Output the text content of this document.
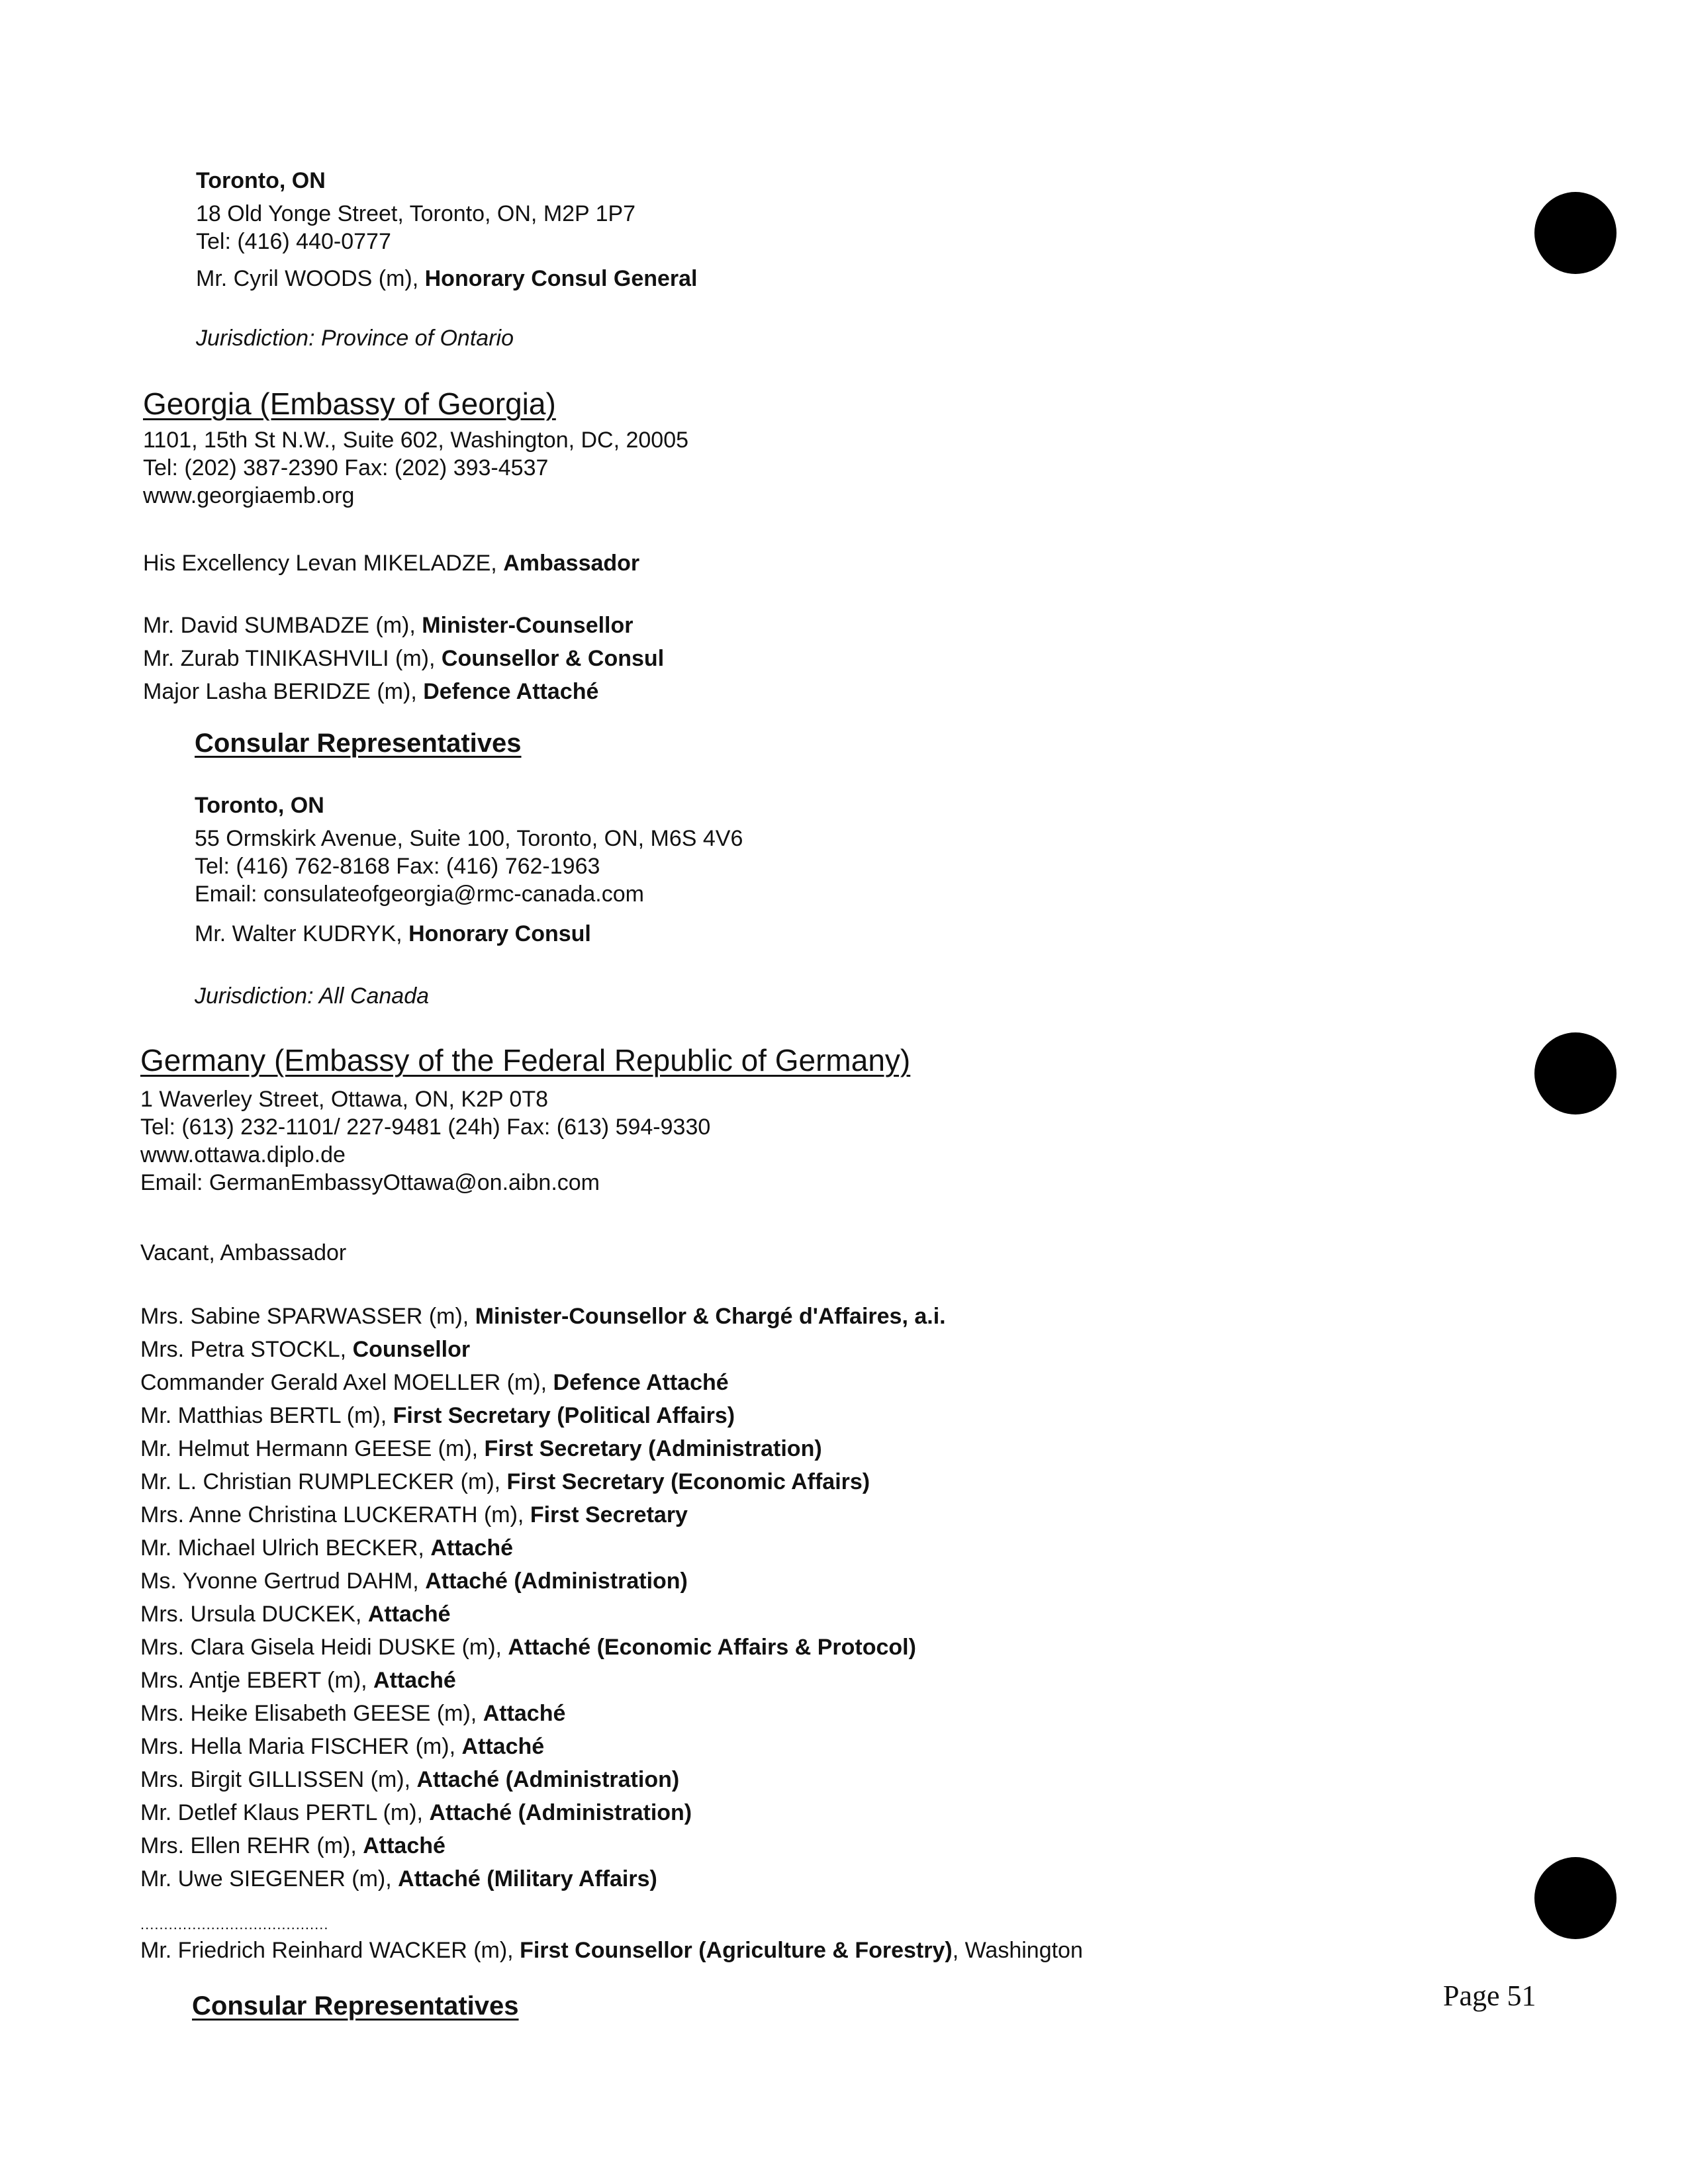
Toronto, ON
18 Old Yonge Street, Toronto, ON, M2P 1P7
Tel: (416) 440-0777
Mr. Cyril WOODS (m), Honorary Consul General
Jurisdiction: Province of Ontario
Georgia (Embassy of Georgia)
1101, 15th St N.W., Suite 602, Washington, DC, 20005
Tel: (202) 387-2390 Fax: (202) 393-4537
www.georgiaemb.org
His Excellency Levan MIKELADZE, Ambassador
Mr. David SUMBADZE (m), Minister-Counsellor
Mr. Zurab TINIKASHVILI (m), Counsellor & Consul
Major Lasha BERIDZE (m), Defence Attaché
Consular Representatives
Toronto, ON
55 Ormskirk Avenue, Suite 100, Toronto, ON, M6S 4V6
Tel: (416) 762-8168 Fax: (416) 762-1963
Email: consulateofgeorgia@rmc-canada.com
Mr. Walter KUDRYK, Honorary Consul
Jurisdiction: All Canada
Germany (Embassy of the Federal Republic of Germany)
1 Waverley Street, Ottawa, ON, K2P 0T8
Tel: (613) 232-1101/ 227-9481 (24h) Fax: (613) 594-9330
www.ottawa.diplo.de
Email: GermanEmbassyOttawa@on.aibn.com
Vacant, Ambassador
Mrs. Sabine SPARWASSER (m), Minister-Counsellor & Chargé d'Affaires, a.i.
Mrs. Petra STOCKL, Counsellor
Commander Gerald Axel MOELLER (m), Defence Attaché
Mr. Matthias BERTL (m), First Secretary (Political Affairs)
Mr. Helmut Hermann GEESE (m), First Secretary (Administration)
Mr. L. Christian RUMPLECKER (m), First Secretary (Economic Affairs)
Mrs. Anne Christina LUCKERATH (m), First Secretary
Mr. Michael Ulrich BECKER, Attaché
Ms. Yvonne Gertrud DAHM, Attaché (Administration)
Mrs. Ursula DUCKEK, Attaché
Mrs. Clara Gisela Heidi DUSKE (m), Attaché (Economic Affairs & Protocol)
Mrs. Antje EBERT (m), Attaché
Mrs. Heike Elisabeth GEESE (m), Attaché
Mrs. Hella Maria FISCHER (m), Attaché
Mrs. Birgit GILLISSEN (m), Attaché (Administration)
Mr. Detlef Klaus PERTL (m), Attaché (Administration)
Mrs. Ellen REHR (m), Attaché
Mr. Uwe SIEGENER (m), Attaché (Military Affairs)
........................................
Mr. Friedrich Reinhard WACKER (m), First Counsellor (Agriculture & Forestry), Washington
Consular Representatives	Page 51
